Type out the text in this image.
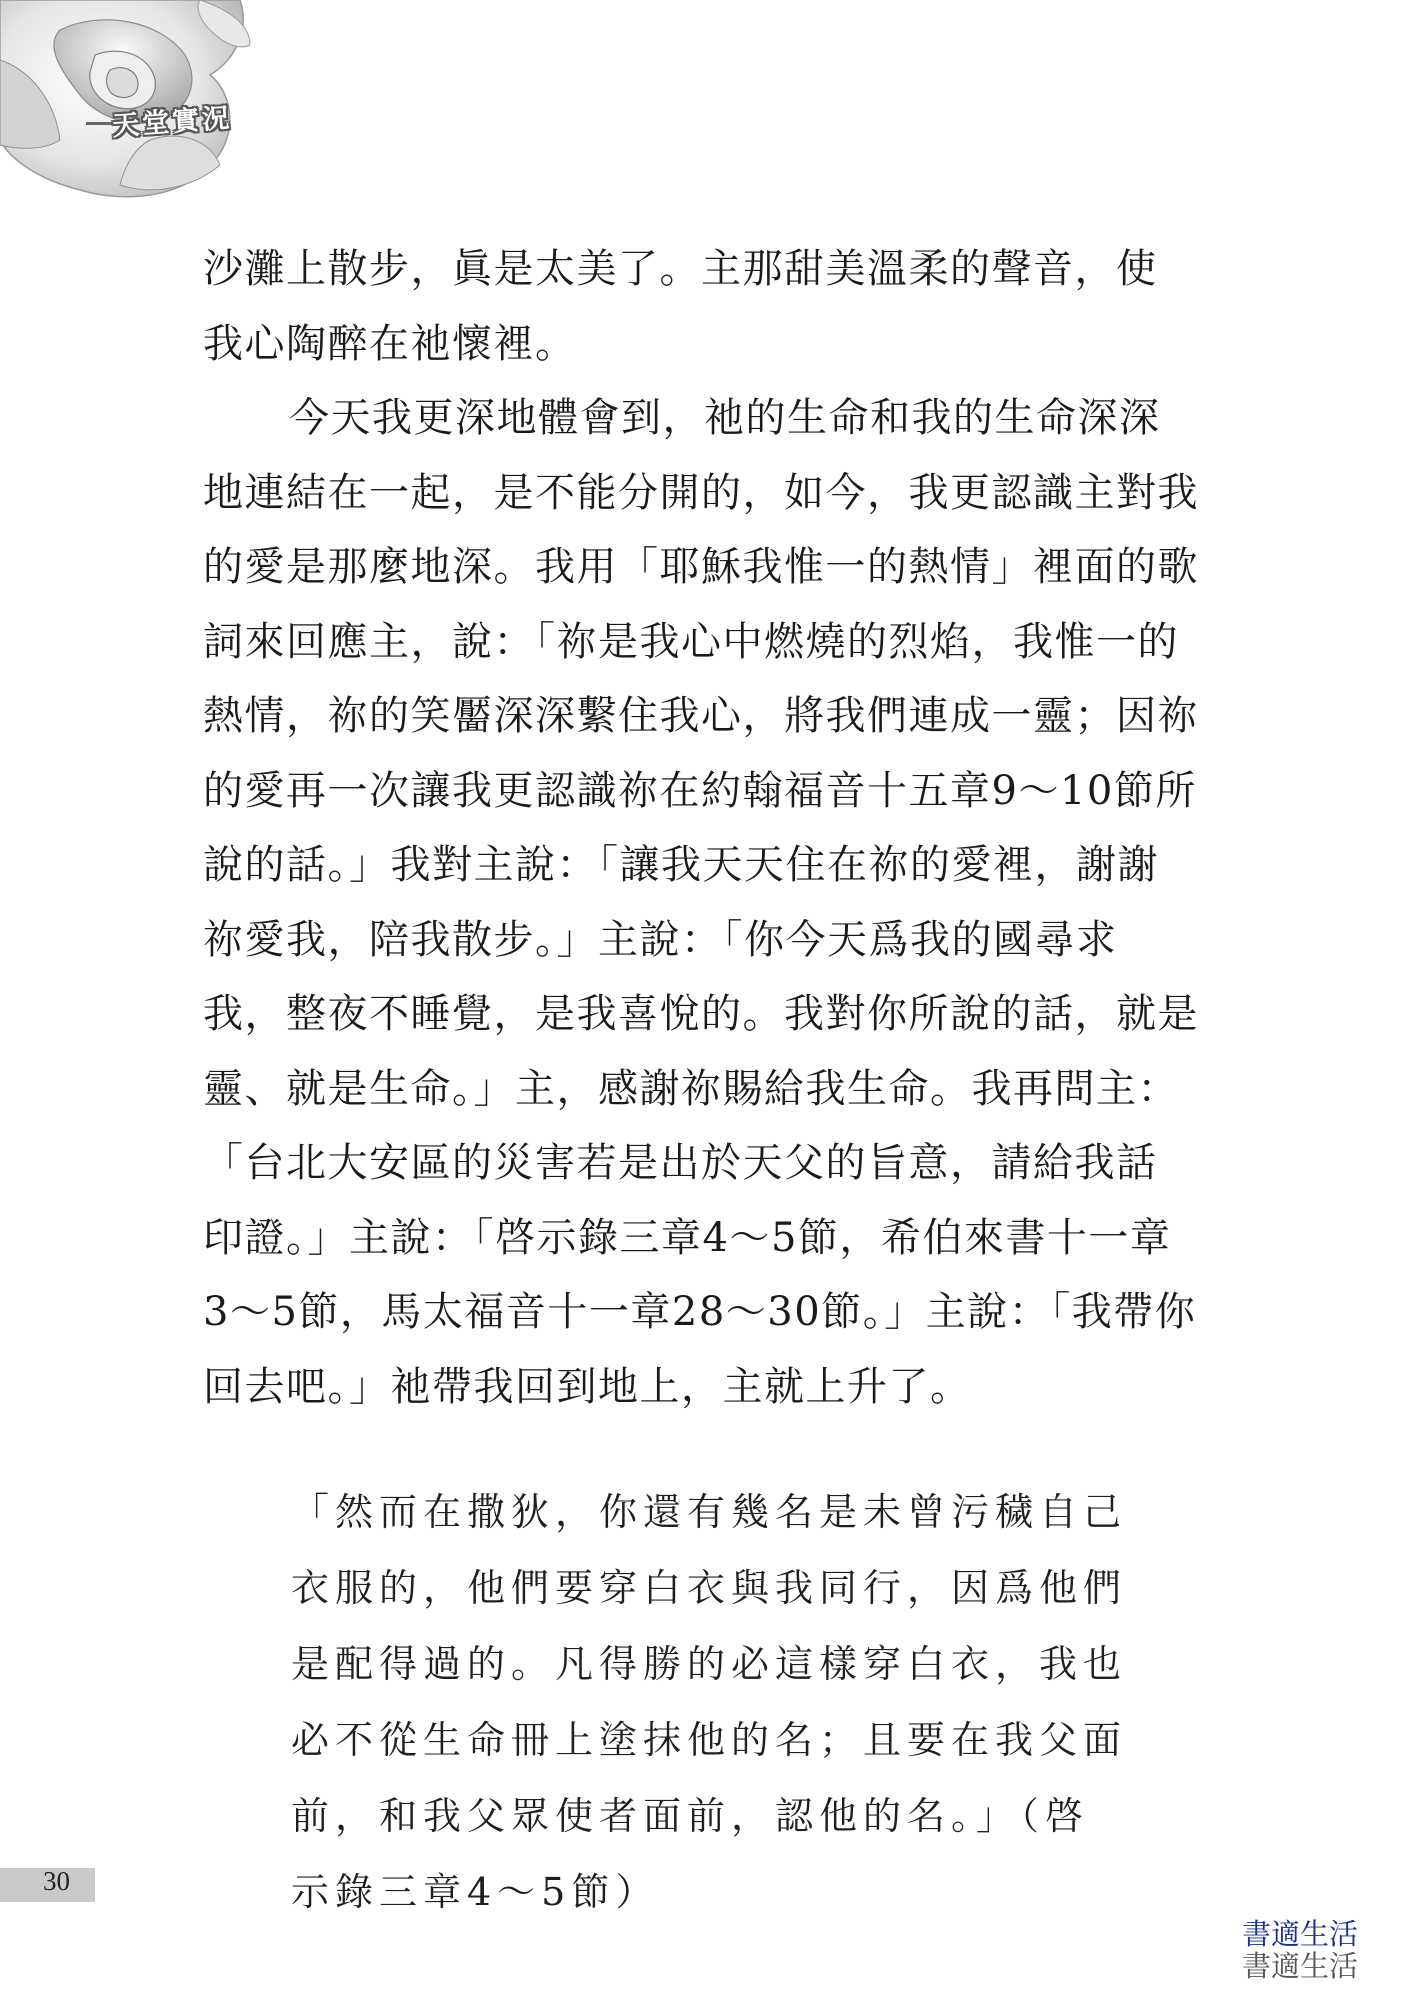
天 堂 實 況
沙灘上散步，眞是太美了。主那甜美溫柔的聲音，使
我心陶醉在祂懷裡。
今天我更深地體會到，祂的生命和我的生命深深
地連結在一起，是不能分開的，如今，我更認識主對我
的愛是那麼地深。我用「耶穌我惟一的熱情」裡面的歌
詞來回應主，說：「祢是我心中燃燒的烈焰，我惟一的
熱情，祢的笑靨深深繫住我心，將我們連成一靈；因祢
的愛再一次讓我更認識祢在約翰福音十五章9～10節所
說的話。」我對主說：「讓我天天住在祢的愛裡，謝謝
祢愛我，陪我散步。」主說：「你今天爲我的國尋求
我，整夜不睡覺，是我喜悅的。我對你所說的話，就是
靈、就是生命。」主，感謝祢賜給我生命。我再問主：
「台北大安區的災害若是出於天父的旨意，請給我話
印證。」主說：「啓示錄三章4～5節，希伯來書十一章
3～5節，馬太福音十一章28～30節。」主說：「我帶你
回去吧。」祂帶我回到地上，主就上升了。
「然而在撒狄，你還有幾名是未曾污穢自己
衣服的，他們要穿白衣與我同行，因爲他們
是配得過的。凡得勝的必這樣穿白衣，我也
必不從生命冊上塗抹他的名；且要在我父面
前，和我父眾使者面前，認他的名。」（啓
示錄三章4～5節）
30
書適生活
書適生活
